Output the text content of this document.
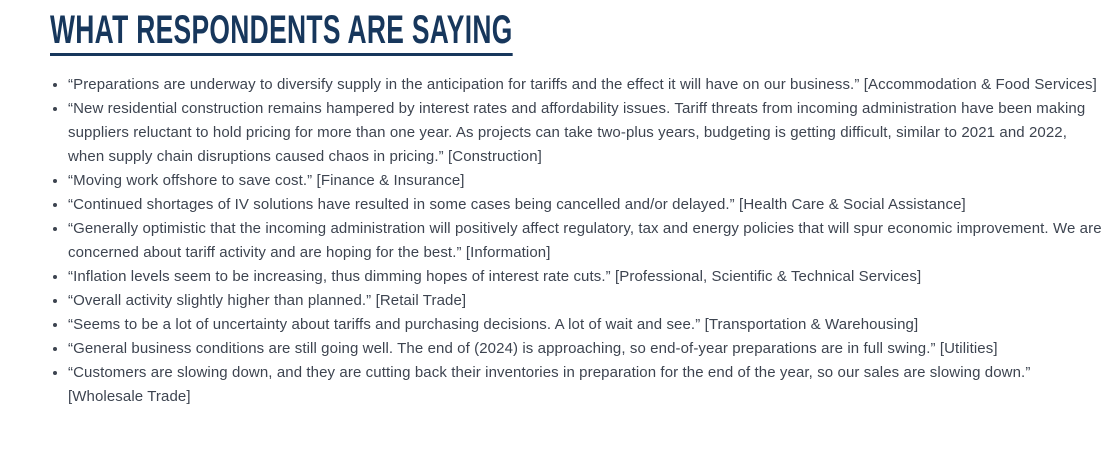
WHAT RESPONDENTS ARE SAYING
• “Preparations are underway to diversify supply in the anticipation for tariffs and the effect it will have on our business.” [Accommodation & Food Services]
• “New residential construction remains hampered by interest rates and affordability issues. Tariff threats from incoming administration have been making suppliers reluctant to hold pricing for more than one year. As projects can take two-plus years, budgeting is getting difficult, similar to 2021 and 2022, when supply chain disruptions caused chaos in pricing.” [Construction]
• “Moving work offshore to save cost.” [Finance & Insurance]
• “Continued shortages of IV solutions have resulted in some cases being cancelled and/or delayed.” [Health Care & Social Assistance]
• “Generally optimistic that the incoming administration will positively affect regulatory, tax and energy policies that will spur economic improvement. We are concerned about tariff activity and are hoping for the best.” [Information]
• “Inflation levels seem to be increasing, thus dimming hopes of interest rate cuts.” [Professional, Scientific & Technical Services]
• “Overall activity slightly higher than planned.” [Retail Trade]
• “Seems to be a lot of uncertainty about tariffs and purchasing decisions. A lot of wait and see.” [Transportation & Warehousing]
• “General business conditions are still going well. The end of (2024) is approaching, so end-of-year preparations are in full swing.” [Utilities]
• “Customers are slowing down, and they are cutting back their inventories in preparation for the end of the year, so our sales are slowing down.” [Wholesale Trade]
